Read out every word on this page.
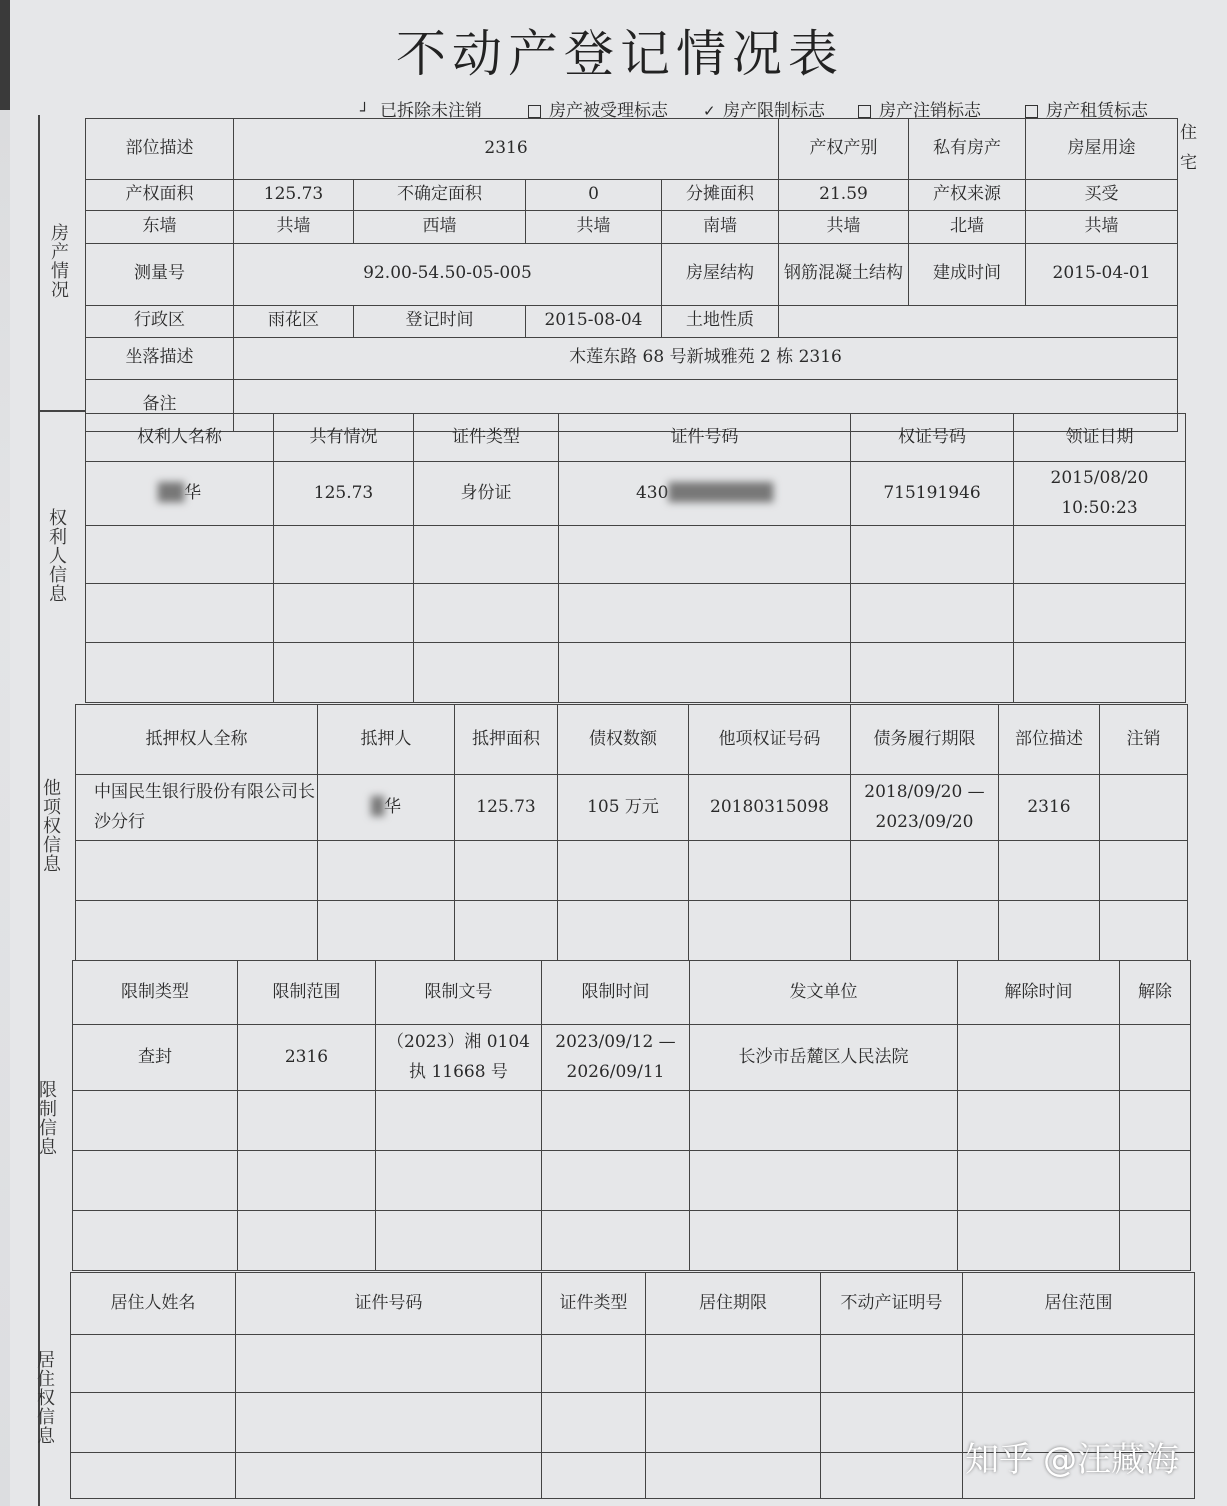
不动产登记情况表
┘ 已拆除未注销	房产被受理标志 ✓ 房产限制标志	房产注销标志	房产租赁标志
房产情况
部位描述	2316				产权产别	私有房产	房屋用途	
产权面积	125.73	不确定面积	0	分摊面积	21.59	产权来源	买受	
东墙	共墙	西墙	共墙	南墙	共墙	北墙	共墙	
测量号	92.00-54.50-05-005			房屋结构	钢筋混凝土结构	建成时间	2015-04-01	
行政区	雨花区	登记时间	2015-08-04	土地性质				
坐落描述	木莲东路 68 号新城雅苑 2 栋 2316							
备注								
权利人信息
权利人名称	共有情况	证件类型	证件号码	权证号码	领证日期
██华	125.73	身份证	430████████	715191946	2015/08/20
10:50:23

他项权信息
抵押权人全称	抵押人	抵押面积	债权数额	他项权证号码	债务履行期限	部位描述	注销
中国民生银行股份有限公司长沙分行	█华	125.73	105 万元	20180315098	2018/09/20 —
2023/09/20	2316	

限制信息
限制类型	限制范围	限制文号	限制时间	发文单位	解除时间	解除
查封	2316	（2023）湘 0104 执 11668 号	2023/09/12 —
2026/09/11	长沙市岳麓区人民法院		

居住权信息
居住人姓名	证件号码	证件类型	居住期限	不动产证明号	居住范围

知乎 @汪藏海
